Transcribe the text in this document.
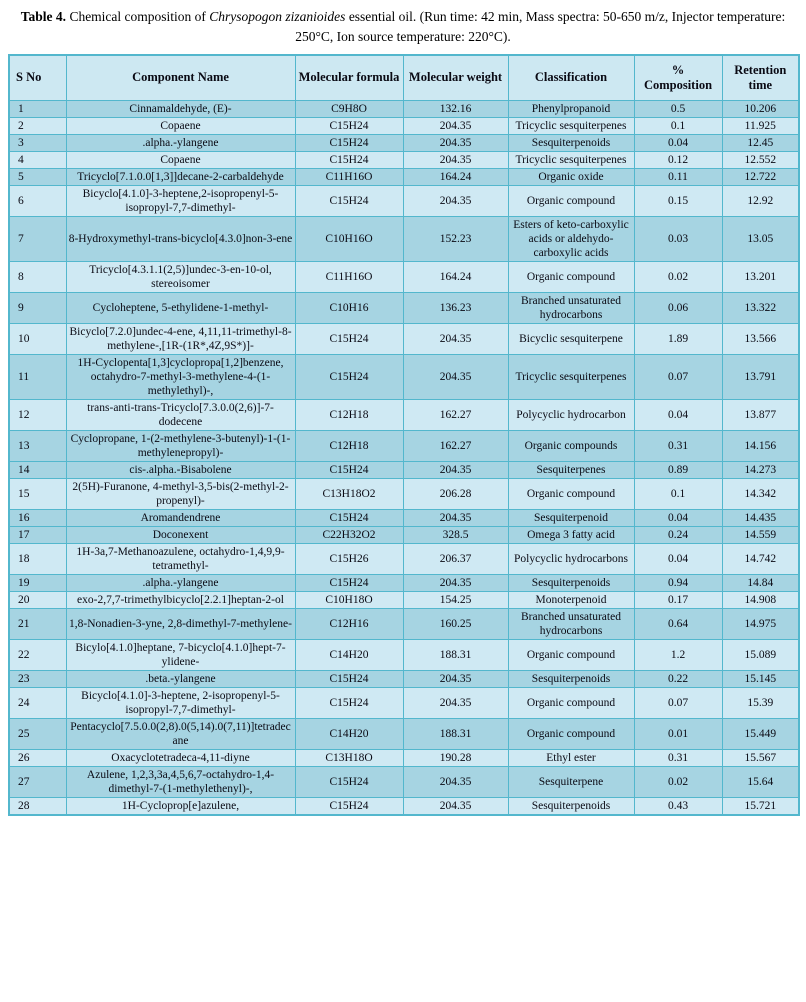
Table 4. Chemical composition of Chrysopogon zizanioides essential oil. (Run time: 42 min, Mass spectra: 50-650 m/z, Injector temperature: 250°C, Ion source temperature: 220°C).
S No	Component Name	Molecular formula	Molecular weight	Classification	% Composition	Retention time
1	Cinnamaldehyde, (E)-	C9H8O	132.16	Phenylpropanoid	0.5	10.206
2	Copaene	C15H24	204.35	Tricyclic sesquiterpenes	0.1	11.925
3	.alpha.-ylangene	C15H24	204.35	Sesquiterpenoids	0.04	12.45
4	Copaene	C15H24	204.35	Tricyclic sesquiterpenes	0.12	12.552
5	Tricyclo[7.1.0.0[1,3]]decane-2-carbaldehyde	C11H16O	164.24	Organic oxide	0.11	12.722
6	Bicyclo[4.1.0]-3-heptene,2-isopropenyl-5-isopropyl-7,7-dimethyl-	C15H24	204.35	Organic compound	0.15	12.92
7	8-Hydroxymethyl-trans-bicyclo[4.3.0]non-3-ene	C10H16O	152.23	Esters of keto-carboxylic acids or aldehydo-carboxylic acids	0.03	13.05
8	Tricyclo[4.3.1.1(2,5)]undec-3-en-10-ol, stereoisomer	C11H16O	164.24	Organic compound	0.02	13.201
9	Cycloheptene, 5-ethylidene-1-methyl-	C10H16	136.23	Branched unsaturated hydrocarbons	0.06	13.322
10	Bicyclo[7.2.0]undec-4-ene, 4,11,11-trimethyl-8-methylene-,[1R-(1R*,4Z,9S*)]-	C15H24	204.35	Bicyclic sesquiterpene	1.89	13.566
11	1H-Cyclopenta[1,3]cyclopropa[1,2]benzene, octahydro-7-methyl-3-methylene-4-(1-methylethyl)-,	C15H24	204.35	Tricyclic sesquiterpenes	0.07	13.791
12	trans-anti-trans-Tricyclo[7.3.0.0(2,6)]-7-dodecene	C12H18	162.27	Polycyclic hydrocarbon	0.04	13.877
13	Cyclopropane, 1-(2-methylene-3-butenyl)-1-(1-methylenepropyl)-	C12H18	162.27	Organic compounds	0.31	14.156
14	cis-.alpha.-Bisabolene	C15H24	204.35	Sesquiterpenes	0.89	14.273
15	2(5H)-Furanone, 4-methyl-3,5-bis(2-methyl-2-propenyl)-	C13H18O2	206.28	Organic compound	0.1	14.342
16	Aromandendrene	C15H24	204.35	Sesquiterpenoid	0.04	14.435
17	Doconexent	C22H32O2	328.5	Omega 3 fatty acid	0.24	14.559
18	1H-3a,7-Methanoazulene, octahydro-1,4,9,9-tetramethyl-	C15H26	206.37	Polycyclic hydrocarbons	0.04	14.742
19	.alpha.-ylangene	C15H24	204.35	Sesquiterpenoids	0.94	14.84
20	exo-2,7,7-trimethylbicyclo[2.2.1]heptan-2-ol	C10H18O	154.25	Monoterpenoid	0.17	14.908
21	1,8-Nonadien-3-yne, 2,8-dimethyl-7-methylene-	C12H16	160.25	Branched unsaturated hydrocarbons	0.64	14.975
22	Bicylo[4.1.0]heptane, 7-bicyclo[4.1.0]hept-7-ylidene-	C14H20	188.31	Organic compound	1.2	15.089
23	.beta.-ylangene	C15H24	204.35	Sesquiterpenoids	0.22	15.145
24	Bicyclo[4.1.0]-3-heptene, 2-isopropenyl-5-isopropyl-7,7-dimethyl-	C15H24	204.35	Organic compound	0.07	15.39
25	Pentacyclo[7.5.0.0(2,8).0(5,14).0(7,11)]tetradecane	C14H20	188.31	Organic compound	0.01	15.449
26	Oxacyclotetradeca-4,11-diyne	C13H18O	190.28	Ethyl ester	0.31	15.567
27	Azulene, 1,2,3,3a,4,5,6,7-octahydro-1,4-dimethyl-7-(1-methylethenyl)-,	C15H24	204.35	Sesquiterpene	0.02	15.64
28	1H-Cycloprop[e]azulene,	C15H24	204.35	Sesquiterpenoids	0.43	15.721
